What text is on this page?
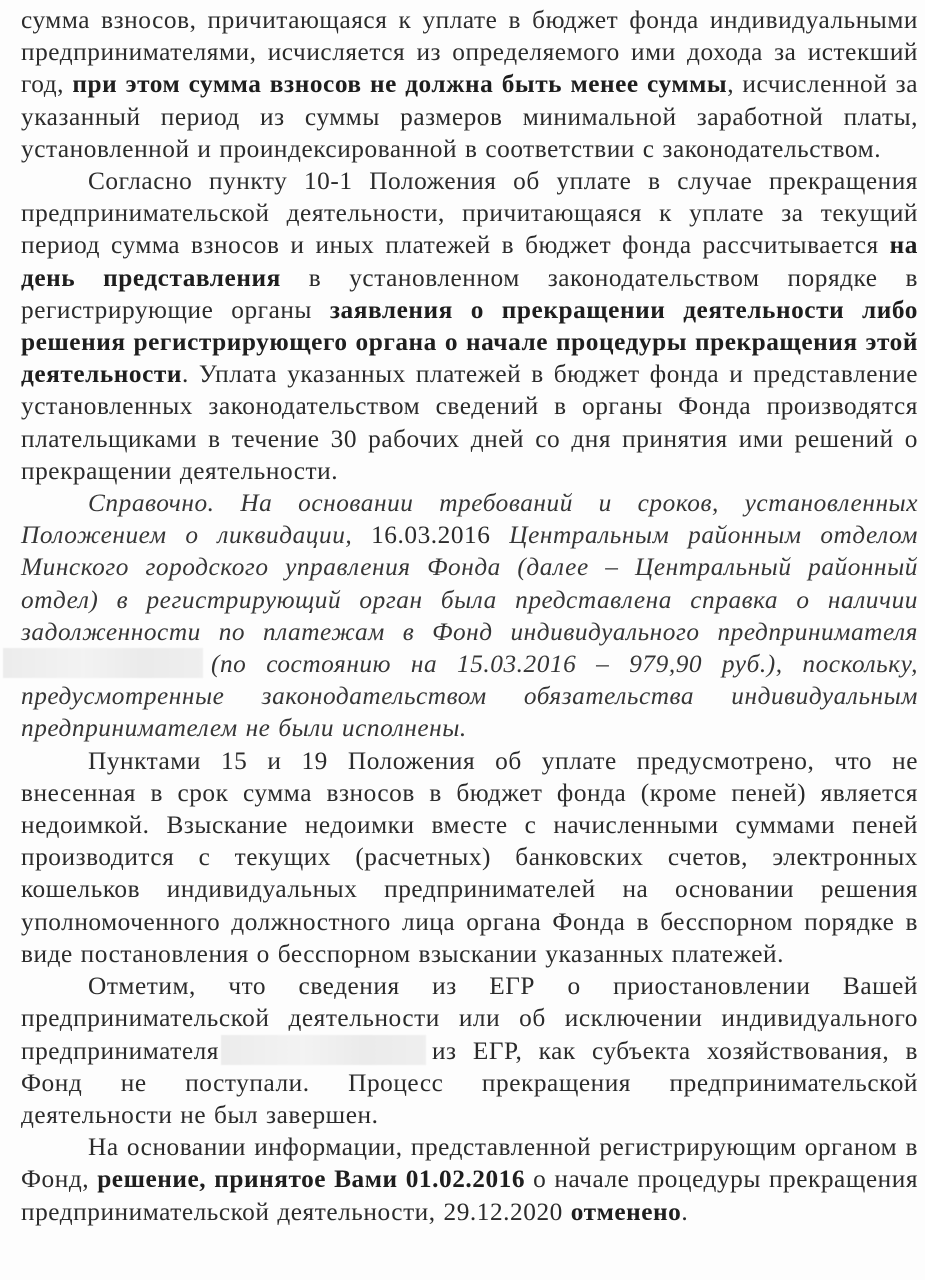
сумма взносов, причитающаяся к уплате в бюджет фонда индивидуальными предпринимателями, исчисляется из определяемого ими дохода за истекший год, при этом сумма взносов не должна быть менее суммы, исчисленной за указанный период из суммы размеров минимальной заработной платы, установленной и проиндексированной в соответствии с законодательством.

Согласно пункту 10-1 Положения об уплате в случае прекращения предпринимательской деятельности, причитающаяся к уплате за текущий период сумма взносов и иных платежей в бюджет фонда рассчитывается на день представления в установленном законодательством порядке в регистрирующие органы заявления о прекращении деятельности либо решения регистрирующего органа о начале процедуры прекращения этой деятельности. Уплата указанных платежей в бюджет фонда и представление установленных законодательством сведений в органы Фонда производятся плательщиками в течение 30 рабочих дней со дня принятия ими решений о прекращении деятельности.

Справочно. На основании требований и сроков, установленных Положением о ликвидации, 16.03.2016 Центральным районным отделом Минского городского управления Фонда (далее – Центральный районный отдел) в регистрирующий орган была представлена справка о наличии задолженности по платежам в Фонд индивидуального предпринимателя (по состоянию на 15.03.2016 – 979,90 руб.), поскольку, предусмотренные законодательством обязательства индивидуальным предпринимателем не были исполнены.

Пунктами 15 и 19 Положения об уплате предусмотрено, что не внесенная в срок сумма взносов в бюджет фонда (кроме пеней) является недоимкой. Взыскание недоимки вместе с начисленными суммами пеней производится с текущих (расчетных) банковских счетов, электронных кошельков индивидуальных предпринимателей на основании решения уполномоченного должностного лица органа Фонда в бесспорном порядке в виде постановления о бесспорном взыскании указанных платежей.

Отметим, что сведения из ЕГР о приостановлении Вашей предпринимательской деятельности или об исключении индивидуального предпринимателя	из ЕГР, как субъекта хозяйствования, в Фонд не поступали. Процесс прекращения предпринимательской деятельности не был завершен.

На основании информации, представленной регистрирующим органом в Фонд, решение, принятое Вами 01.02.2016 о начале процедуры прекращения предпринимательской деятельности, 29.12.2020 отменено.
